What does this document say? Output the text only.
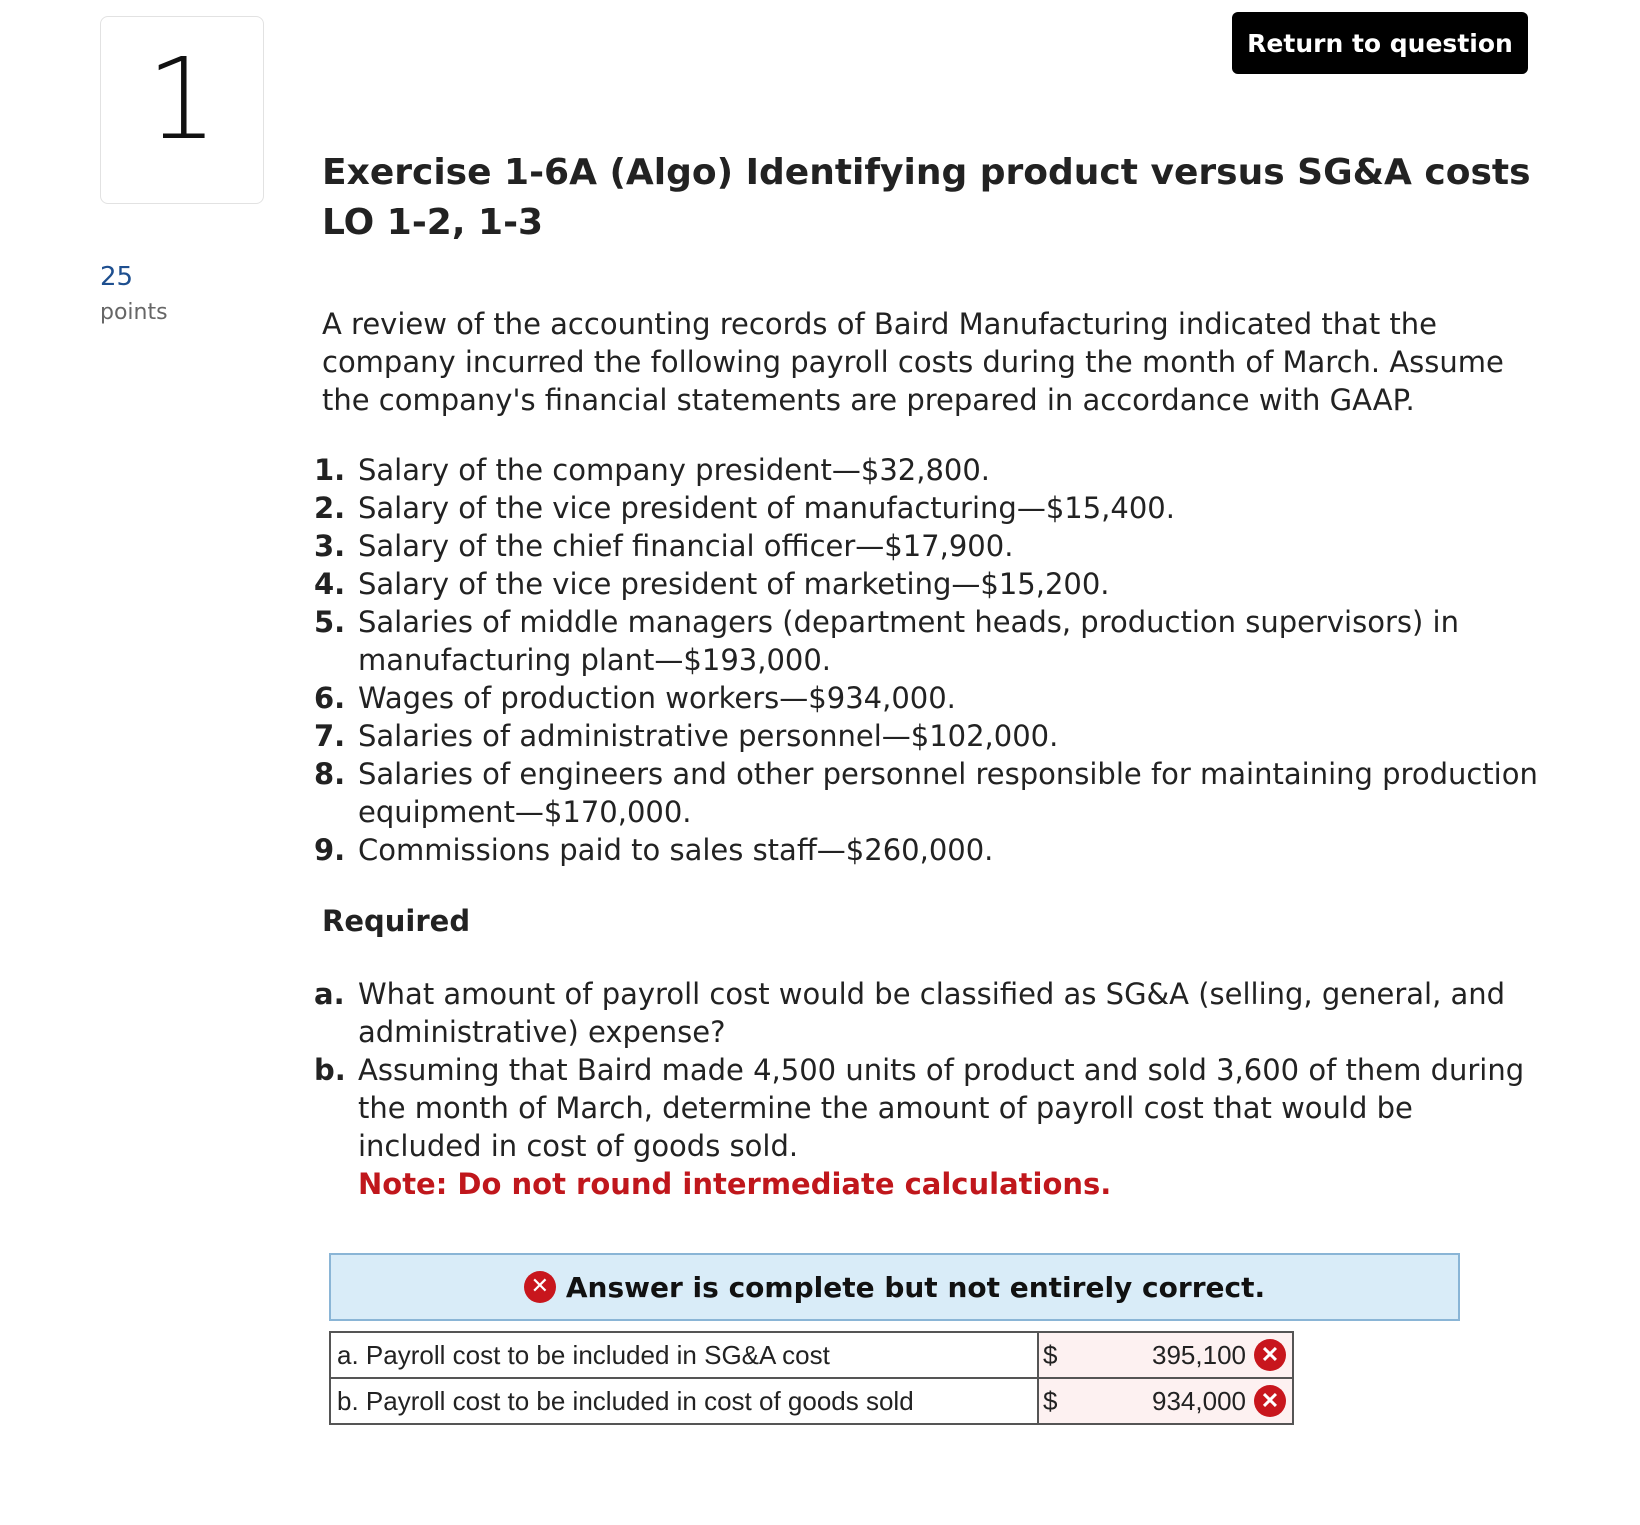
1
25
points
Return to question
Exercise 1-6A (Algo) Identifying product versus SG&A costs LO 1-2, 1-3

A review of the accounting records of Baird Manufacturing indicated that the company incurred the following payroll costs during the month of March. Assume the company's financial statements are prepared in accordance with GAAP.

1. Salary of the company president—$32,800.
2. Salary of the vice president of manufacturing—$15,400.
3. Salary of the chief financial officer—$17,900.
4. Salary of the vice president of marketing—$15,200.
5. Salaries of middle managers (department heads, production supervisors) in manufacturing plant—$193,000.
6. Wages of production workers—$934,000.
7. Salaries of administrative personnel—$102,000.
8. Salaries of engineers and other personnel responsible for maintaining production equipment—$170,000.
9. Commissions paid to sales staff—$260,000.
Required
a. What amount of payroll cost would be classified as SG&A (selling, general, and administrative) expense?
b. Assuming that Baird made 4,500 units of product and sold 3,600 of them during the month of March, determine the amount of payroll cost that would be included in cost of goods sold.
Note: Do not round intermediate calculations.
✕ Answer is complete but not entirely correct.
a. Payroll cost to be included in SG&A cost	$ 395,100 ✕

b. Payroll cost to be included in cost of goods sold	$ 934,000 ✕
